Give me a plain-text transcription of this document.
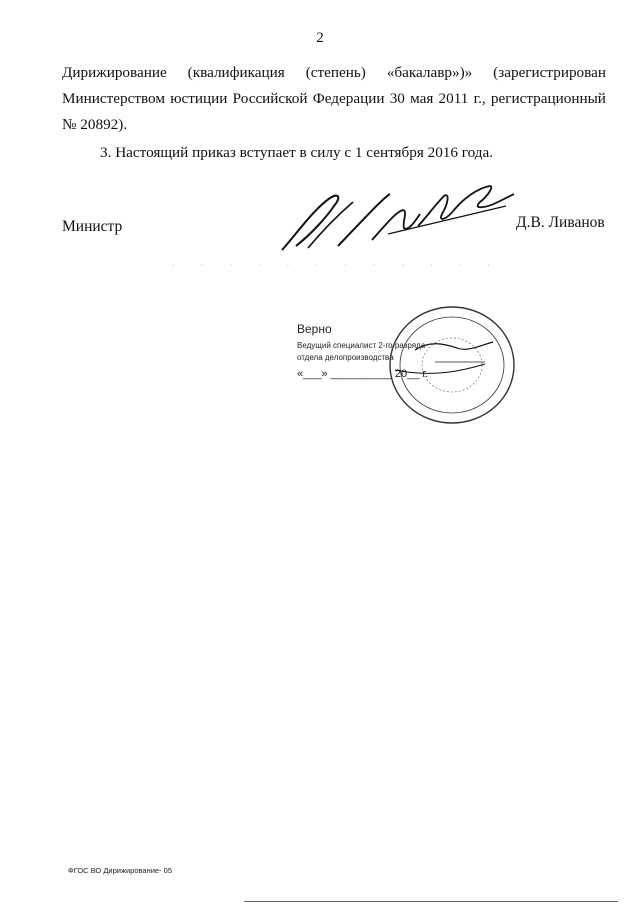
2
Дирижирование (квалификация (степень) «бакалавр»)» (зарегистрирован
Министерством юстиции Российской Федерации 30 мая 2011 г., регистрационный
№ 20892).
3. Настоящий приказ вступает в силу с 1 сентября 2016 года.
Министр	Д.В. Ливанов
· · · · · · · · · · · ·
Верно
Ведущий специалист 2-го разряда
отдела делопроизводства
«___» __________ 20__ г.
ФГОС ВО Дирижирование- 05
